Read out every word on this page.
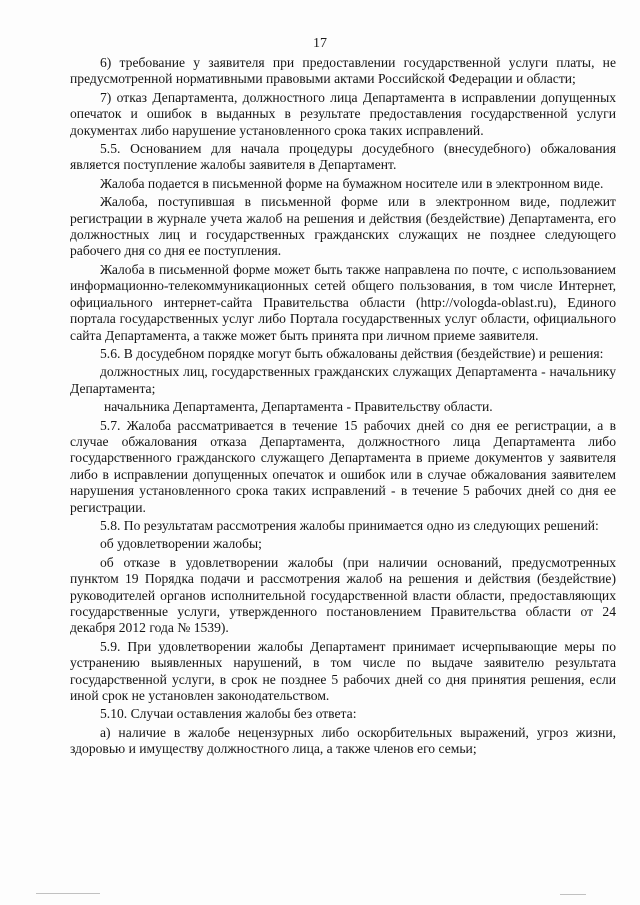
17

6) требование у заявителя при предоставлении государственной услуги платы, не предусмотренной нормативными правовыми актами Российской Федерации и области;

7) отказ Департамента, должностного лица Департамента в исправлении допущенных опечаток и ошибок в выданных в результате предоставления государственной услуги документах либо нарушение установленного срока таких исправлений.

5.5. Основанием для начала процедуры досудебного (внесудебного) обжалования является поступление жалобы заявителя в Департамент.

Жалоба подается в письменной форме на бумажном носителе или в электронном виде.

Жалоба, поступившая в письменной форме или в электронном виде, подлежит регистрации в журнале учета жалоб на решения и действия (бездействие) Департамента, его должностных лиц и государственных гражданских служащих не позднее следующего рабочего дня со дня ее поступления.

Жалоба в письменной форме может быть также направлена по почте, с использованием информационно-телекоммуникационных сетей общего пользования, в том числе Интернет, официального интернет-сайта Правительства области (http://vologda-oblast.ru), Единого портала государственных услуг либо Портала государственных услуг области, официального сайта Департамента, а также может быть принята при личном приеме заявителя.

5.6. В досудебном порядке могут быть обжалованы действия (бездействие) и решения:

должностных лиц, государственных гражданских служащих Департамента - начальнику Департамента;

начальника Департамента, Департамента - Правительству области.

5.7. Жалоба рассматривается в течение 15 рабочих дней со дня ее регистрации, а в случае обжалования отказа Департамента, должностного лица Департамента либо государственного гражданского служащего Департамента в приеме документов у заявителя либо в исправлении допущенных опечаток и ошибок или в случае обжалования заявителем нарушения установленного срока таких исправлений - в течение 5 рабочих дней со дня ее регистрации.

5.8. По результатам рассмотрения жалобы принимается одно из следующих решений:

об удовлетворении жалобы;

об отказе в удовлетворении жалобы (при наличии оснований, предусмотренных пунктом 19 Порядка подачи и рассмотрения жалоб на решения и действия (бездействие) руководителей органов исполнительной государственной власти области, предоставляющих государственные услуги, утвержденного постановлением Правительства области от 24 декабря 2012 года № 1539).

5.9. При удовлетворении жалобы Департамент принимает исчерпывающие меры по устранению выявленных нарушений, в том числе по выдаче заявителю результата государственной услуги, в срок не позднее 5 рабочих дней со дня принятия решения, если иной срок не установлен законодательством.

5.10. Случаи оставления жалобы без ответа:

а) наличие в жалобе нецензурных либо оскорбительных выражений, угроз жизни, здоровью и имуществу должностного лица, а также членов его семьи;
